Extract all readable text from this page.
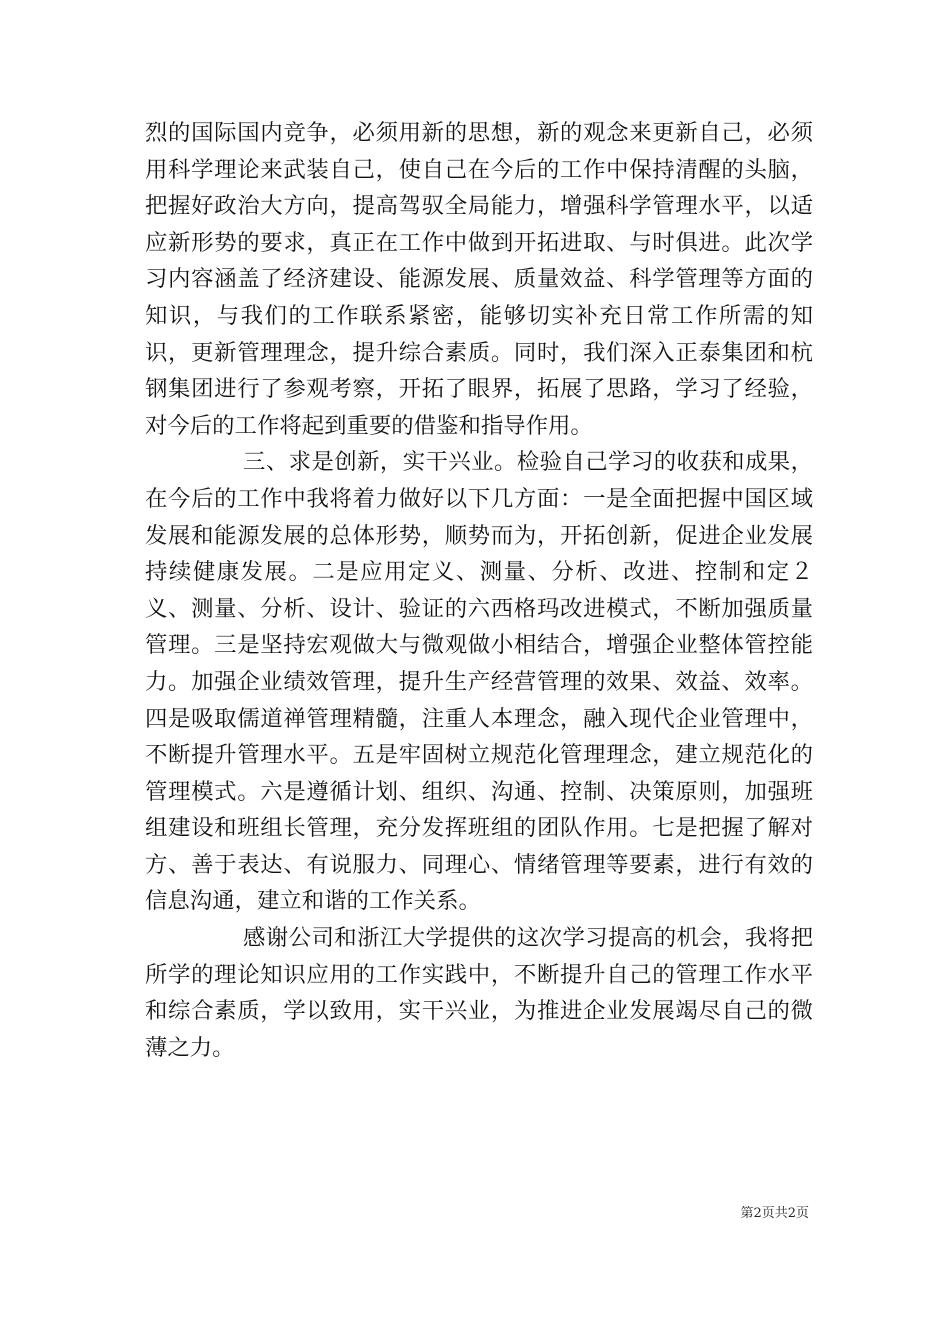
烈的国际国内竞争，必须用新的思想，新的观念来更新自己，必须用科学理论来武装自己，使自己在今后的工作中保持清醒的头脑，把握好政治大方向，提高驾驭全局能力，增强科学管理水平，以适应新形势的要求，真正在工作中做到开拓进取、与时俱进。此次学习内容涵盖了经济建设、能源发展、质量效益、科学管理等方面的知识，与我们的工作联系紧密，能够切实补充日常工作所需的知识，更新管理理念，提升综合素质。同时，我们深入正泰集团和杭钢集团进行了参观考察，开拓了眼界，拓展了思路，学习了经验，对今后的工作将起到重要的借鉴和指导作用。

三、求是创新，实干兴业。检验自己学习的收获和成果，在今后的工作中我将着力做好以下几方面：一是全面把握中国区域发展和能源发展的总体形势，顺势而为，开拓创新，促进企业发展持续健康发展。二是应用定义、测量、分析、改进、控制和定２义、测量、分析、设计、验证的六西格玛改进模式，不断加强质量管理。三是坚持宏观做大与微观做小相结合，增强企业整体管控能力。加强企业绩效管理，提升生产经营管理的效果、效益、效率。四是吸取儒道禅管理精髓，注重人本理念，融入现代企业管理中，不断提升管理水平。五是牢固树立规范化管理理念，建立规范化的管理模式。六是遵循计划、组织、沟通、控制、决策原则，加强班组建设和班组长管理，充分发挥班组的团队作用。七是把握了解对方、善于表达、有说服力、同理心、情绪管理等要素，进行有效的信息沟通，建立和谐的工作关系。

感谢公司和浙江大学提供的这次学习提高的机会，我将把所学的理论知识应用的工作实践中，不断提升自己的管理工作水平和综合素质，学以致用，实干兴业，为推进企业发展竭尽自己的微薄之力。

第2页共2页
